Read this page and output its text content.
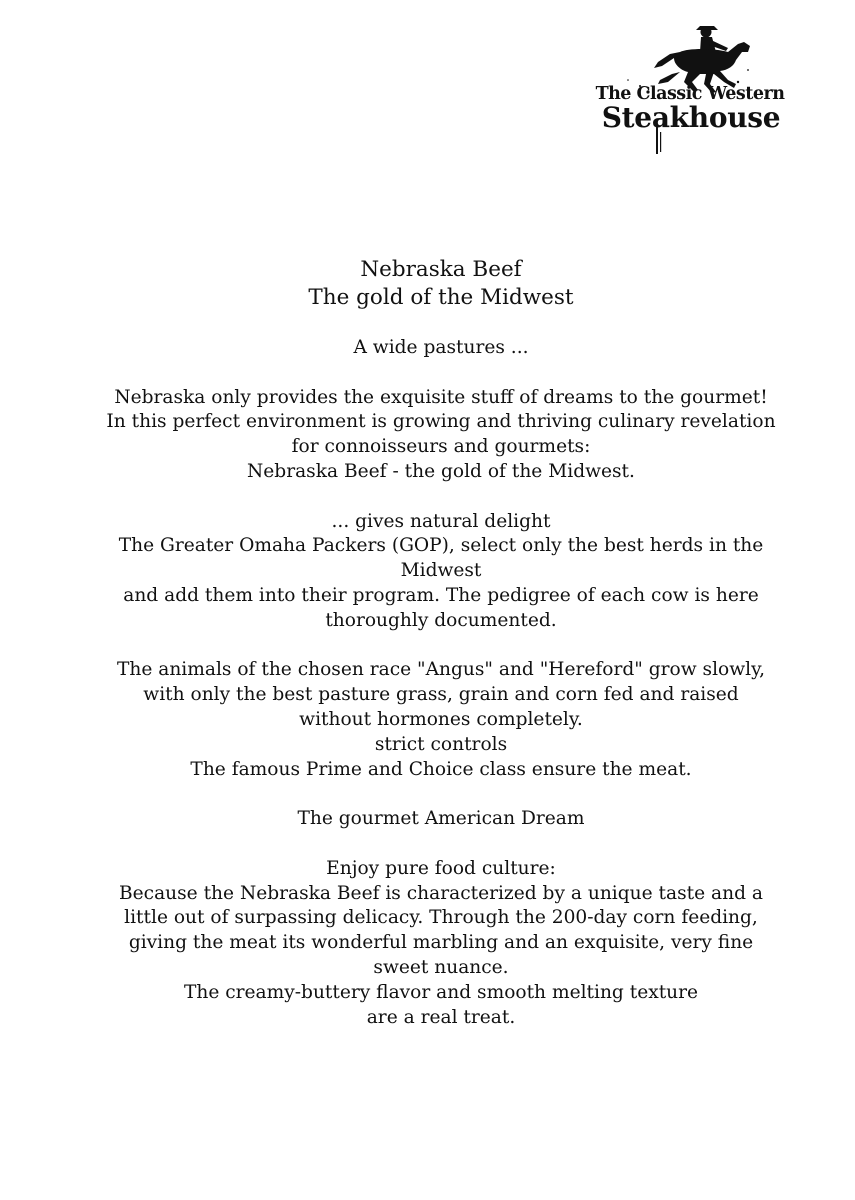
The Classic Western
Steakhouse
Nebraska Beef
The gold of the Midwest
A wide pastures ...
Nebraska only provides the exquisite stuff of dreams to the gourmet!
In this perfect environment is growing and thriving culinary revelation
for connoisseurs and gourmets:
Nebraska Beef - the gold of the Midwest.
... gives natural delight
The Greater Omaha Packers (GOP), select only the best herds in the
Midwest
and add them into their program. The pedigree of each cow is here
thoroughly documented.
The animals of the chosen race "Angus" and "Hereford" grow slowly,
with only the best pasture grass, grain and corn fed and raised
without hormones completely.
strict controls
The famous Prime and Choice class ensure the meat.
The gourmet American Dream
Enjoy pure food culture:
Because the Nebraska Beef is characterized by a unique taste and a
little out of surpassing delicacy. Through the 200-day corn feeding,
giving the meat its wonderful marbling and an exquisite, very fine
sweet nuance.
The creamy-buttery flavor and smooth melting texture
are a real treat.
